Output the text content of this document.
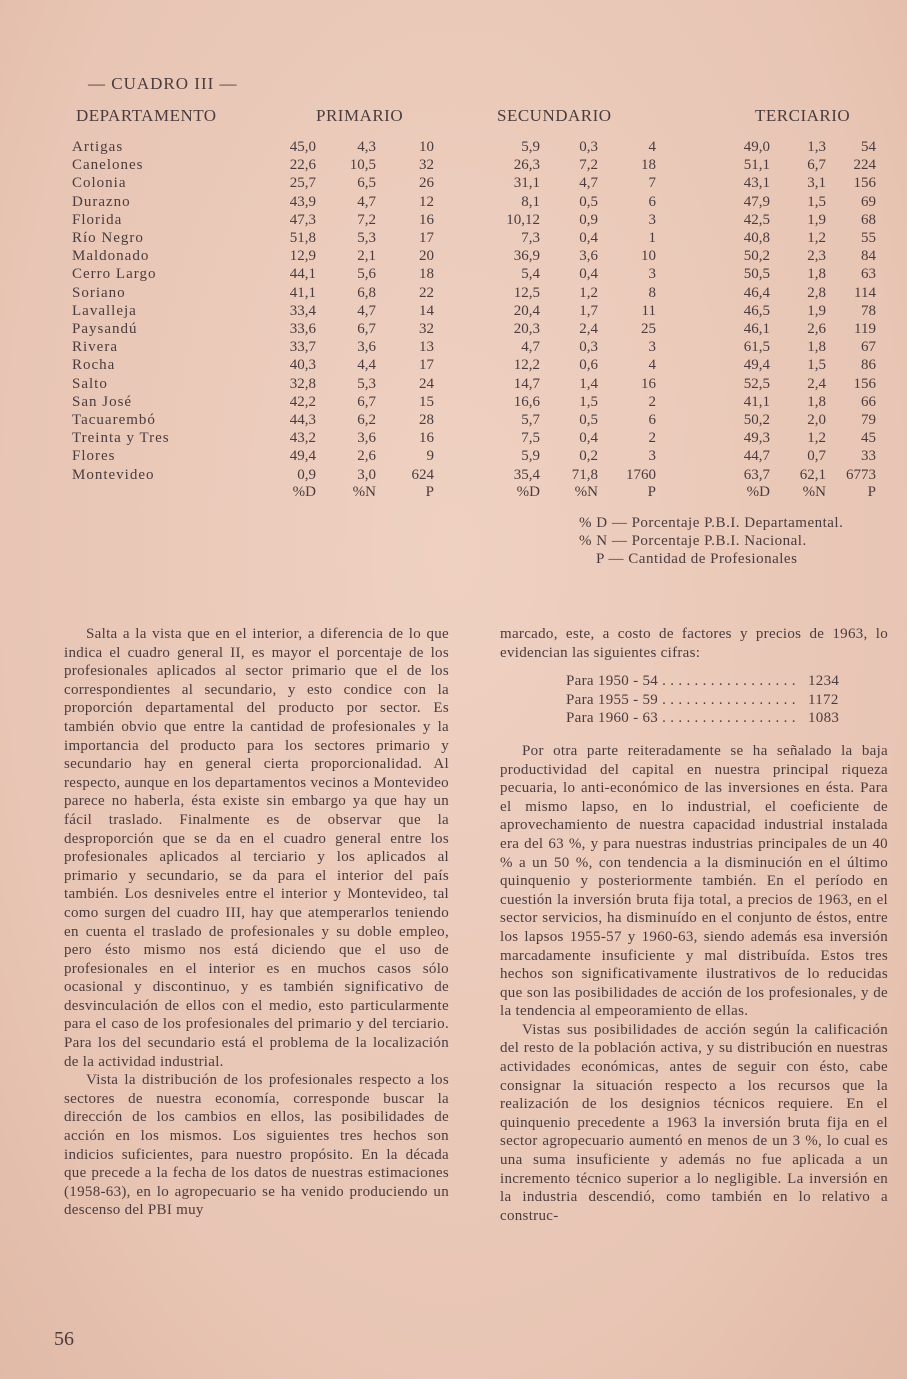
— CUADRO III —
DEPARTAMENTO	PRIMARIO	SECUNDARIO	TERCIARIO
Artigas	45,0	4,3	10	5,9	0,3	4	49,0	1,3	54
Canelones	22,6	10,5	32	26,3	7,2	18	51,1	6,7	224
Colonia	25,7	6,5	26	31,1	4,7	7	43,1	3,1	156
Durazno	43,9	4,7	12	8,1	0,5	6	47,9	1,5	69
Florida	47,3	7,2	16	10,12	0,9	3	42,5	1,9	68
Río Negro	51,8	5,3	17	7,3	0,4	1	40,8	1,2	55
Maldonado	12,9	2,1	20	36,9	3,6	10	50,2	2,3	84
Cerro Largo	44,1	5,6	18	5,4	0,4	3	50,5	1,8	63
Soriano	41,1	6,8	22	12,5	1,2	8	46,4	2,8	114
Lavalleja	33,4	4,7	14	20,4	1,7	11	46,5	1,9	78
Paysandú	33,6	6,7	32	20,3	2,4	25	46,1	2,6	119
Rivera	33,7	3,6	13	4,7	0,3	3	61,5	1,8	67
Rocha	40,3	4,4	17	12,2	0,6	4	49,4	1,5	86
Salto	32,8	5,3	24	14,7	1,4	16	52,5	2,4	156
San José	42,2	6,7	15	16,6	1,5	2	41,1	1,8	66
Tacuarembó	44,3	6,2	28	5,7	0,5	6	50,2	2,0	79
Treinta y Tres	43,2	3,6	16	7,5	0,4	2	49,3	1,2	45
Flores	49,4	2,6	9	5,9	0,2	3	44,7	0,7	33
Montevideo	0,9	3,0	624	35,4	71,8	1760	63,7	62,1	6773
%D	%N	P	%D	%N	P	%D	%N	P
% D — Porcentaje P.B.I. Departamental.
% N — Porcentaje P.B.I. Nacional.
P — Cantidad de Profesionales

Salta a la vista que en el interior, a diferencia de lo que indica el cuadro general II, es mayor el porcentaje de los profesionales aplicados al sector primario que el de los correspondientes al secundario, y esto condice con la proporción departamental del producto por sector. Es también obvio que entre la cantidad de profesionales y la importancia del producto para los sectores primario y secundario hay en general cierta proporcionalidad. Al respecto, aunque en los departamentos vecinos a Montevideo parece no haberla, ésta existe sin embargo ya que hay un fácil traslado. Finalmente es de observar que la desproporción que se da en el cuadro general entre los profesionales aplicados al terciario y los aplicados al primario y secundario, se da para el interior del país también. Los desniveles entre el interior y Montevideo, tal como surgen del cuadro III, hay que atemperarlos teniendo en cuenta el traslado de profesionales y su doble empleo, pero ésto mismo nos está diciendo que el uso de profesionales en el interior es en muchos casos sólo ocasional y discontinuo, y es también significativo de desvinculación de ellos con el medio, esto particularmente para el caso de los profesionales del primario y del terciario. Para los del secundario está el problema de la localización de la actividad industrial.

Vista la distribución de los profesionales respecto a los sectores de nuestra economía, corresponde buscar la dirección de los cambios en ellos, las posibilidades de acción en los mismos. Los siguientes tres hechos son indicios suficientes, para nuestro propósito. En la década que precede a la fecha de los datos de nuestras estimaciones (1958-63), en lo agropecuario se ha venido produciendo un descenso del PBI muy

marcado, este, a costo de factores y precios de 1963, lo evidencian las siguientes cifras:

Para 1950 - 54 . . . . . . . . . . . . . . . . . 1234
Para 1955 - 59 . . . . . . . . . . . . . . . . . 1172
Para 1960 - 63 . . . . . . . . . . . . . . . . . 1083

Por otra parte reiteradamente se ha señalado la baja productividad del capital en nuestra principal riqueza pecuaria, lo anti-económico de las inversiones en ésta. Para el mismo lapso, en lo industrial, el coeficiente de aprovechamiento de nuestra capacidad industrial instalada era del 63 %, y para nuestras industrias principales de un 40 % a un 50 %, con tendencia a la disminución en el último quinquenio y posteriormente también. En el período en cuestión la inversión bruta fija total, a precios de 1963, en el sector servicios, ha disminuído en el conjunto de éstos, entre los lapsos 1955-57 y 1960-63, siendo además esa inversión marcadamente insuficiente y mal distribuída. Estos tres hechos son significativamente ilustrativos de lo reducidas que son las posibilidades de acción de los profesionales, y de la tendencia al empeoramiento de ellas.

Vistas sus posibilidades de acción según la calificación del resto de la población activa, y su distribución en nuestras actividades económicas, antes de seguir con ésto, cabe consignar la situación respecto a los recursos que la realización de los designios técnicos requiere. En el quinquenio precedente a 1963 la inversión bruta fija en el sector agropecuario aumentó en menos de un 3 %, lo cual es una suma insuficiente y además no fue aplicada a un incremento técnico superior a lo negligible. La inversión en la industria descendió, como también en lo relativo a construc-

56
